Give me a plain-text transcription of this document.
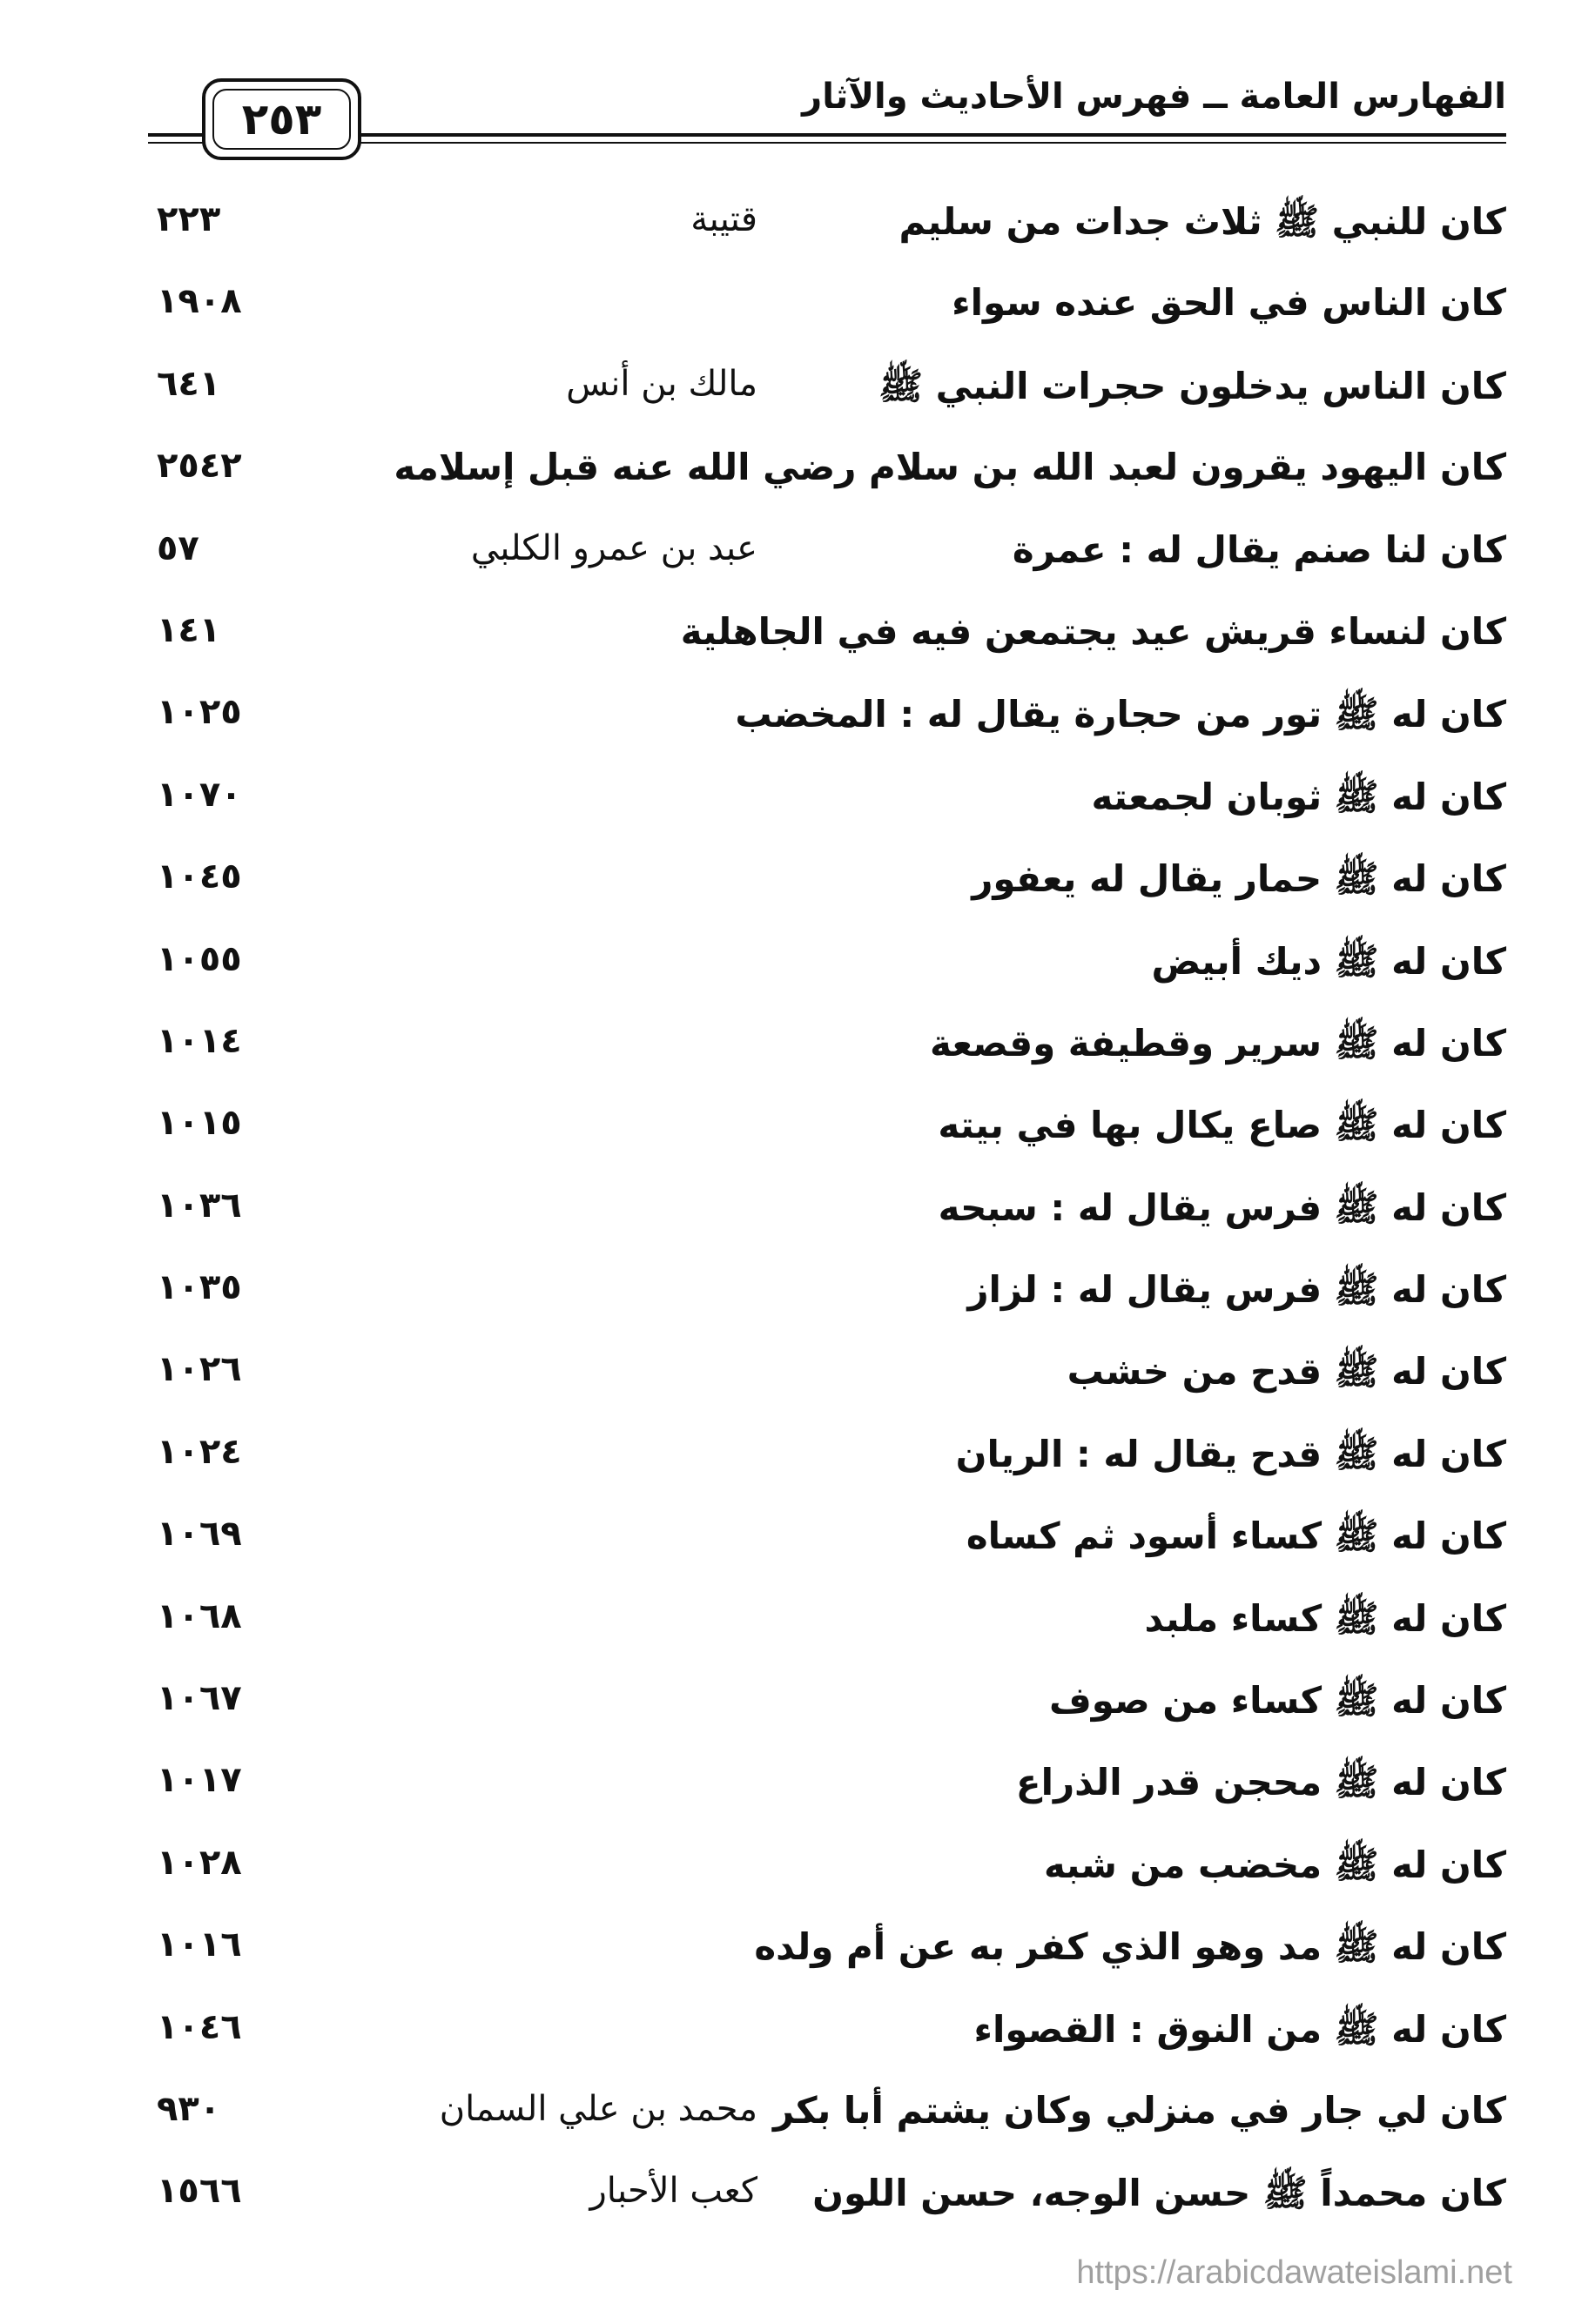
الفهارس العامة ــ فهرس الأحاديث والآثار
٢٥٣
كان للنبي ﷺ ثلاث جدات من سليم
قتيبة
٢٢٣
كان الناس في الحق عنده سواء
١٩٠٨
كان الناس يدخلون حجرات النبي ﷺ
مالك بن أنس
٦٤١
كان اليهود يقرون لعبد الله بن سلام رضي الله عنه قبل إسلامه
٢٥٤٢
كان لنا صنم يقال له : عمرة
عبد بن عمرو الكلبي
٥٧
كان لنساء قريش عيد يجتمعن فيه في الجاهلية
١٤١
كان له ﷺ تور من حجارة يقال له : المخضب
١٠٢٥
كان له ﷺ ثوبان لجمعته
١٠٧٠
كان له ﷺ حمار يقال له يعفور
١٠٤٥
كان له ﷺ ديك أبيض
١٠٥٥
كان له ﷺ سرير وقطيفة وقصعة
١٠١٤
كان له ﷺ صاع يكال بها في بيته
١٠١٥
كان له ﷺ فرس يقال له : سبحه
١٠٣٦
كان له ﷺ فرس يقال له : لزاز
١٠٣٥
كان له ﷺ قدح من خشب
١٠٢٦
كان له ﷺ قدح يقال له : الريان
١٠٢٤
كان له ﷺ كساء أسود ثم كساه
١٠٦٩
كان له ﷺ كساء ملبد
١٠٦٨
كان له ﷺ كساء من صوف
١٠٦٧
كان له ﷺ محجن قدر الذراع
١٠١٧
كان له ﷺ مخضب من شبه
١٠٢٨
كان له ﷺ مد وهو الذي كفر به عن أم ولده
١٠١٦
كان له ﷺ من النوق : القصواء
١٠٤٦
كان لي جار في منزلي وكان يشتم أبا بكر
محمد بن علي السمان
٩٣٠
كان محمداً ﷺ حسن الوجه، حسن اللون
كعب الأحبار
١٥٦٦
https://arabicdawateislami.net
